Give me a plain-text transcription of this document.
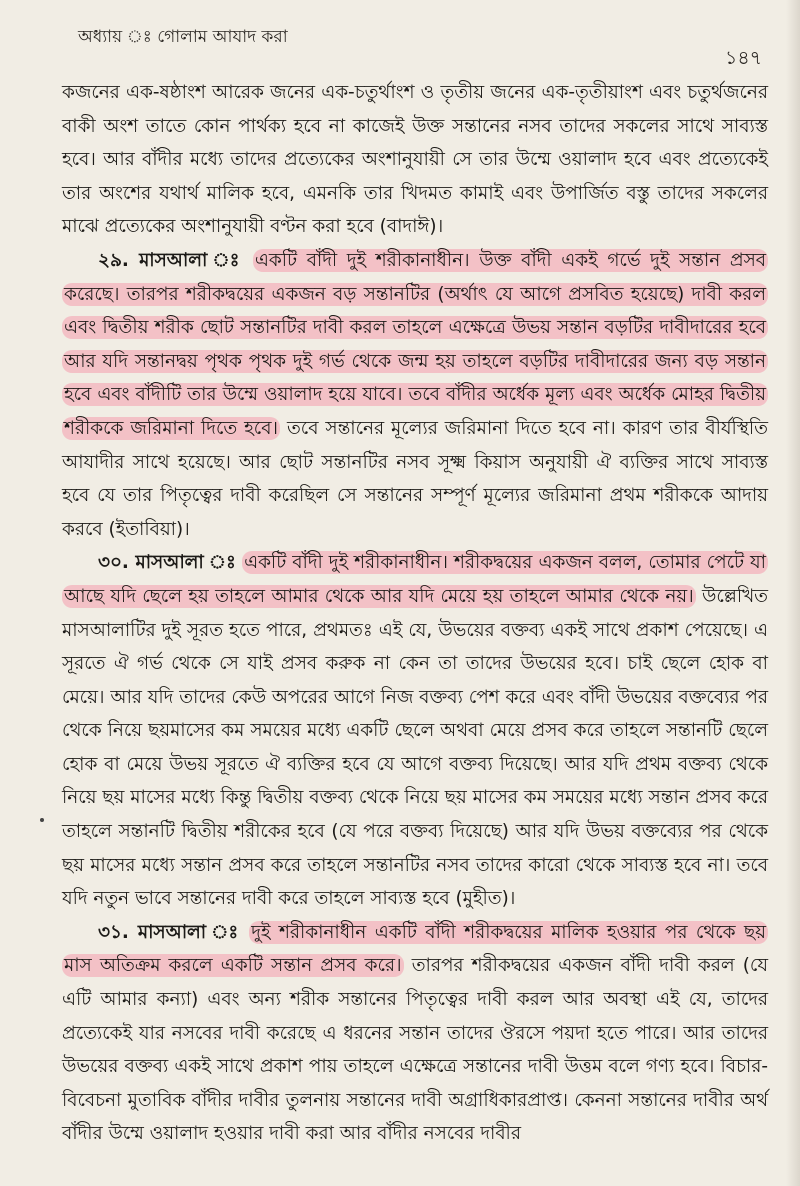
অধ্যায় ঃ গোলাম আযাদ করা
১৪৭

কজনের এক-ষষ্ঠাংশ আরেক জনের এক-চতুর্থাংশ ও তৃতীয় জনের এক-তৃতীয়াংশ এবং চতুর্থজনের বাকী অংশ তাতে কোন পার্থক্য হবে না কাজেই উক্ত সন্তানের নসব তাদের সকলের সাথে সাব্যস্ত হবে। আর বাঁদীর মধ্যে তাদের প্রত্যেকের অংশানুযায়ী সে তার উম্মে ওয়ালাদ হবে এবং প্রত্যেকেই তার অংশের যথার্থ মালিক হবে, এমনকি তার খিদমত কামাই এবং উপার্জিত বস্তু তাদের সকলের মাঝে প্রত্যেকের অংশানুযায়ী বণ্টন করা হবে (বাদাঈ)।

২৯. মাসআলা ঃ একটি বাঁদী দুই শরীকানাধীন। উক্ত বাঁদী একই গর্ভে দুই সন্তান প্রসব করেছে। তারপর শরীকদ্বয়ের একজন বড় সন্তানটির (অর্থাৎ যে আগে প্রসবিত হয়েছে) দাবী করল এবং দ্বিতীয় শরীক ছোট সন্তানটির দাবী করল তাহলে এক্ষেত্রে উভয় সন্তান বড়টির দাবীদারের হবে আর যদি সন্তানদ্বয় পৃথক পৃথক দুই গর্ভ থেকে জন্ম হয় তাহলে বড়টির দাবীদারের জন্য বড় সন্তান হবে এবং বাঁদীটি তার উম্মে ওয়ালাদ হয়ে যাবে। তবে বাঁদীর অর্ধেক মূল্য এবং অর্ধেক মোহর দ্বিতীয় শরীককে জরিমানা দিতে হবে। তবে সন্তানের মূল্যের জরিমানা দিতে হবে না। কারণ তার বীর্যস্থিতি আযাদীর সাথে হয়েছে। আর ছোট সন্তানটির নসব সূক্ষ্ম কিয়াস অনুযায়ী ঐ ব্যক্তির সাথে সাব্যস্ত হবে যে তার পিতৃত্বের দাবী করেছিল সে সন্তানের সম্পূর্ণ মূল্যের জরিমানা প্রথম শরীককে আদায় করবে (ইতাবিয়া)।

৩০. মাসআলা ঃ একটি বাঁদী দুই শরীকানাধীন। শরীকদ্বয়ের একজন বলল, তোমার পেটে যা আছে যদি ছেলে হয় তাহলে আমার থেকে আর যদি মেয়ে হয় তাহলে আমার থেকে নয়। উল্লেখিত মাসআলাটির দুই সূরত হতে পারে, প্রথমতঃ এই যে, উভয়ের বক্তব্য একই সাথে প্রকাশ পেয়েছে। এ সূরতে ঐ গর্ভ থেকে সে যাই প্রসব করুক না কেন তা তাদের উভয়ের হবে। চাই ছেলে হোক বা মেয়ে। আর যদি তাদের কেউ অপরের আগে নিজ বক্তব্য পেশ করে এবং বাঁদী উভয়ের বক্তব্যের পর থেকে নিয়ে ছয়মাসের কম সময়ের মধ্যে একটি ছেলে অথবা মেয়ে প্রসব করে তাহলে সন্তানটি ছেলে হোক বা মেয়ে উভয় সূরতে ঐ ব্যক্তির হবে যে আগে বক্তব্য দিয়েছে। আর যদি প্রথম বক্তব্য থেকে নিয়ে ছয় মাসের মধ্যে কিন্তু দ্বিতীয় বক্তব্য থেকে নিয়ে ছয় মাসের কম সময়ের মধ্যে সন্তান প্রসব করে তাহলে সন্তানটি দ্বিতীয় শরীকের হবে (যে পরে বক্তব্য দিয়েছে) আর যদি উভয় বক্তব্যের পর থেকে ছয় মাসের মধ্যে সন্তান প্রসব করে তাহলে সন্তানটির নসব তাদের কারো থেকে সাব্যস্ত হবে না। তবে যদি নতুন ভাবে সন্তানের দাবী করে তাহলে সাব্যস্ত হবে (মুহীত)।

৩১. মাসআলা ঃ দুই শরীকানাধীন একটি বাঁদী শরীকদ্বয়ের মালিক হওয়ার পর থেকে ছয় মাস অতিক্রম করলে একটি সন্তান প্রসব করে। তারপর শরীকদ্বয়ের একজন বাঁদী দাবী করল (যে এটি আমার কন্যা) এবং অন্য শরীক সন্তানের পিতৃত্বের দাবী করল আর অবস্থা এই যে, তাদের প্রত্যেকেই যার নসবের দাবী করেছে এ ধরনের সন্তান তাদের ঔরসে পয়দা হতে পারে। আর তাদের উভয়ের বক্তব্য একই সাথে প্রকাশ পায় তাহলে এক্ষেত্রে সন্তানের দাবী উত্তম বলে গণ্য হবে। বিচার-বিবেচনা মুতাবিক বাঁদীর দাবীর তুলনায় সন্তানের দাবী অগ্রাধিকারপ্রাপ্ত। কেননা সন্তানের দাবীর অর্থ বাঁদীর উম্মে ওয়ালাদ হওয়ার দাবী করা আর বাঁদীর নসবের দাবীর
